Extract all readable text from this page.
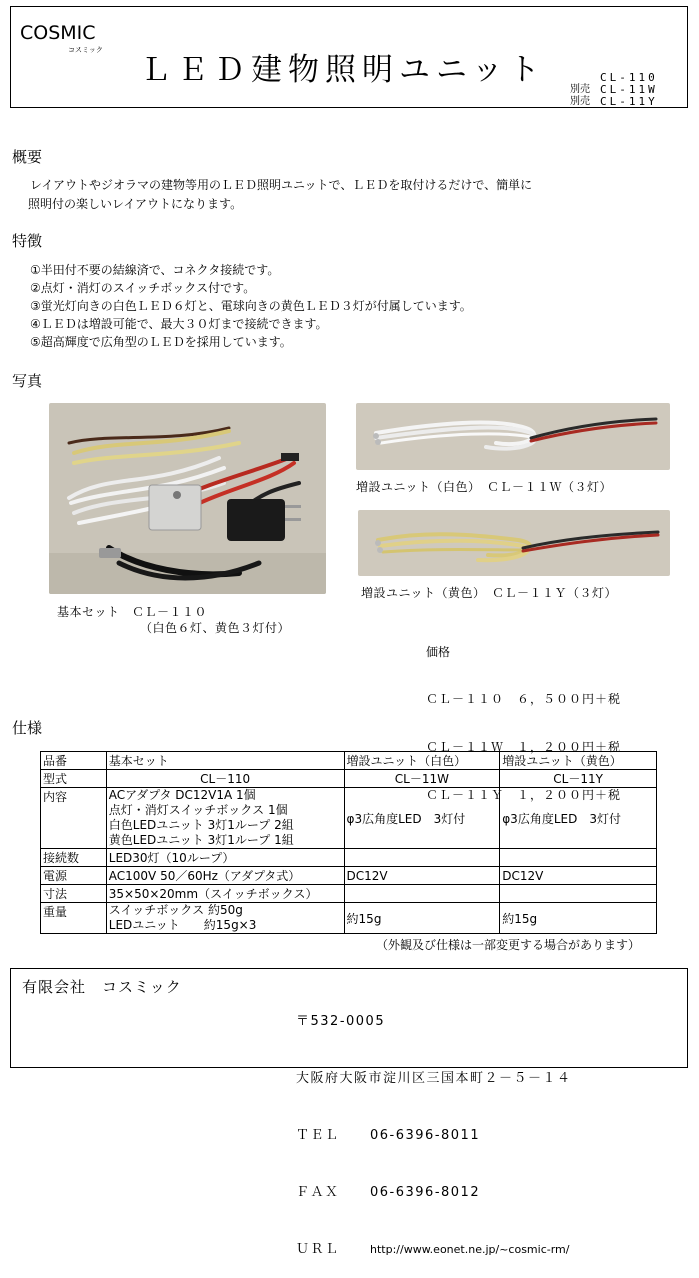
COSMIC
コスミック
ＬＥＤ建物照明ユニット	CL-110
別売 CL-11W
別売 CL-11Y
概要
レイアウトやジオラマの建物等用のＬＥＤ照明ユニットで、ＬＥＤを取付けるだけで、簡単に
照明付の楽しいレイアウトになります。
特徴
①半田付不要の結線済で、コネクタ接続です。
②点灯・消灯のスイッチボックス付です。
③蛍光灯向きの白色ＬＥＤ６灯と、電球向きの黄色ＬＥＤ３灯が付属しています。
④ＬＥＤは増設可能で、最大３０灯まで接続できます。
⑤超高輝度で広角型のＬＥＤを採用しています。
写真
基本セット　ＣＬ－１１０
（白色６灯、黄色３灯付）
増設ユニット（白色）　ＣＬ－１１Ｗ（３灯）
増設ユニット（黄色）　ＣＬ－１１Ｙ（３灯）
価格

ＣＬ－１１０　６，５００円＋税

ＣＬ－１１Ｗ　１，２００円＋税

ＣＬ－１１Ｙ　１，２００円＋税

仕様
品番	基本セット	増設ユニット（白色）	増設ユニット（黄色）
型式	CL－110	CL－11W	CL－11Y
内容	ACアダプタ DC12V1A 1個
点灯・消灯スイッチボックス 1個
白色LEDユニット 3灯1ループ 2組
黄色LEDユニット 3灯1ループ 1組	φ3広角度LED　3灯付	φ3広角度LED　3灯付
接続数	LED30灯（10ループ）		
電源	AC100V 50／60Hz（アダプタ式）	DC12V	DC12V
寸法	35×50×20mm（スイッチボックス）		
重量	スイッチボックス 約50g
LEDユニット　　約15g×3	約15g	約15g
（外観及び仕様は一部変更する場合があります）
有限会社　コスミック

〒532-0005

大阪府大阪市淀川区三国本町２－５－１４

ＴＥＬ 06-6396-8011

ＦＡＸ 06-6396-8012

ＵＲＬ	http://www.eonet.ne.jp/~cosmic-rm/
